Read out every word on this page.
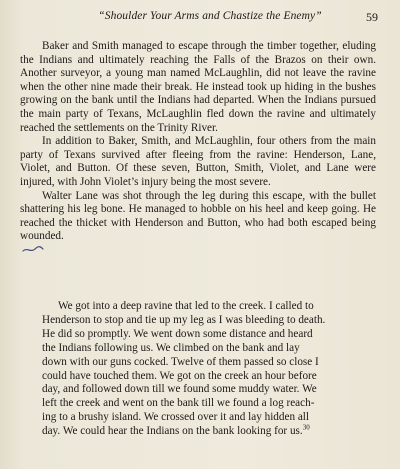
“Shoulder Your Arms and Chastize the Enemy”	59

Baker and Smith managed to escape through the timber together, eluding the Indians and ultimately reaching the Falls of the Brazos on their own. Another surveyor, a young man named McLaughlin, did not leave the ravine when the other nine made their break. He instead took up hiding in the bushes growing on the bank until the Indians had departed. When the Indians pursued the main party of Texans, McLaughlin fled down the ravine and ultimately reached the settlements on the Trinity River.

In addition to Baker, Smith, and McLaughlin, four others from the main party of Texans survived after fleeing from the ravine: Henderson, Lane, Violet, and Button. Of these seven, Button, Smith, Violet, and Lane were injured, with John Violet’s injury being the most severe.

Walter Lane was shot through the leg during this escape, with the bullet shattering his leg bone. He managed to hobble on his heel and keep going. He reached the thicket with Henderson and Button, who had both escaped being wounded.

We got into a deep ravine that led to the creek. I called to
Henderson to stop and tie up my leg as I was bleeding to death.
He did so promptly. We went down some distance and heard
the Indians following us. We climbed on the bank and lay
down with our guns cocked. Twelve of them passed so close I
could have touched them. We got on the creek an hour before
day, and followed down till we found some muddy water. We
left the creek and went on the bank till we found a log reach-
ing to a brushy island. We crossed over it and lay hidden all
day. We could hear the Indians on the bank looking for us.$^{30}$
